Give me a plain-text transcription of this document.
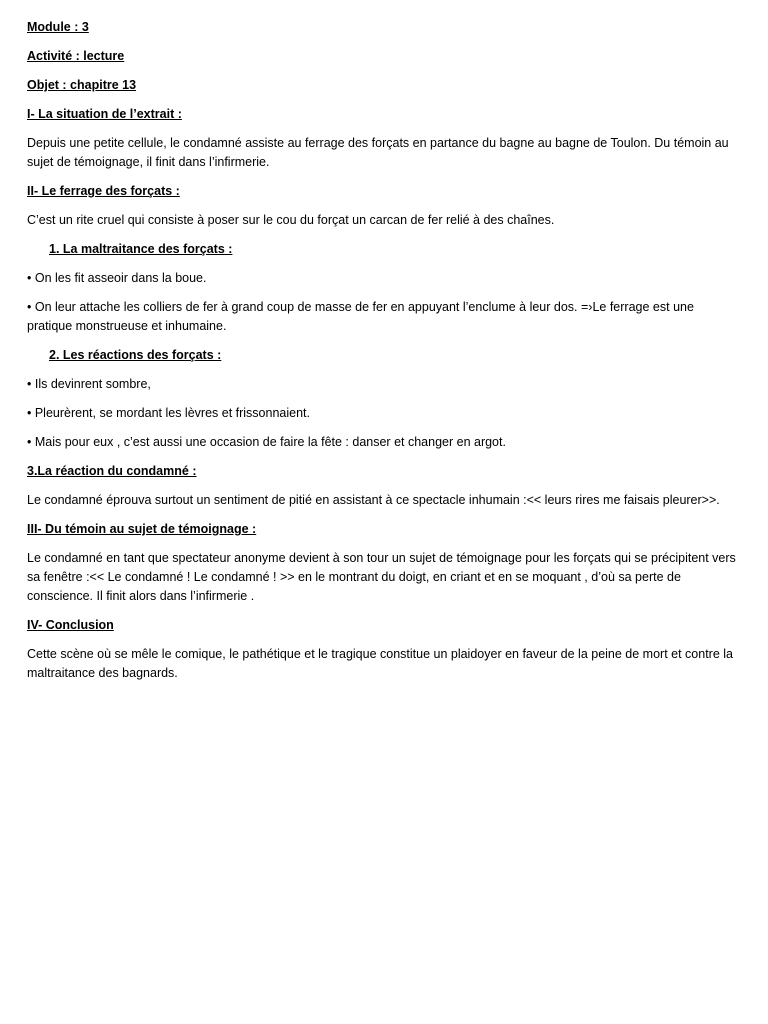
Module : 3

Activité : lecture

Objet : chapitre 13

I- La situation de l’extrait :

Depuis une petite cellule, le condamné assiste au ferrage des forçats en partance du bagne au bagne de Toulon. Du témoin au sujet de témoignage, il finit dans l’infirmerie.

II- Le ferrage des forçats :

C’est un rite cruel qui consiste à poser sur le cou du forçat un carcan de fer relié à des chaînes.

1. La maltraitance des forçats :

• On les fit asseoir dans la boue.

• On leur attache les colliers de fer à grand coup de masse de fer en appuyant l’enclume à leur dos. =›Le ferrage est une pratique monstrueuse et inhumaine.

2. Les réactions des forçats :

• Ils devinrent sombre,

• Pleurèrent, se mordant les lèvres et frissonnaient.

• Mais pour eux , c’est aussi une occasion de faire la fête : danser et changer en argot.

3.La réaction du condamné :

Le condamné éprouva surtout un sentiment de pitié en assistant à ce spectacle inhumain :<< leurs rires me faisais pleurer>>.

III- Du témoin au sujet de témoignage :

Le condamné en tant que spectateur anonyme devient à son tour un sujet de témoignage pour les forçats qui se précipitent vers sa fenêtre :<< Le condamné ! Le condamné ! >> en le montrant du doigt, en criant et en se moquant , d’où sa perte de conscience. Il finit alors dans l’infirmerie .

IV- Conclusion

Cette scène où se mêle le comique, le pathétique et le tragique constitue un plaidoyer en faveur de la peine de mort et contre la maltraitance des bagnards.
